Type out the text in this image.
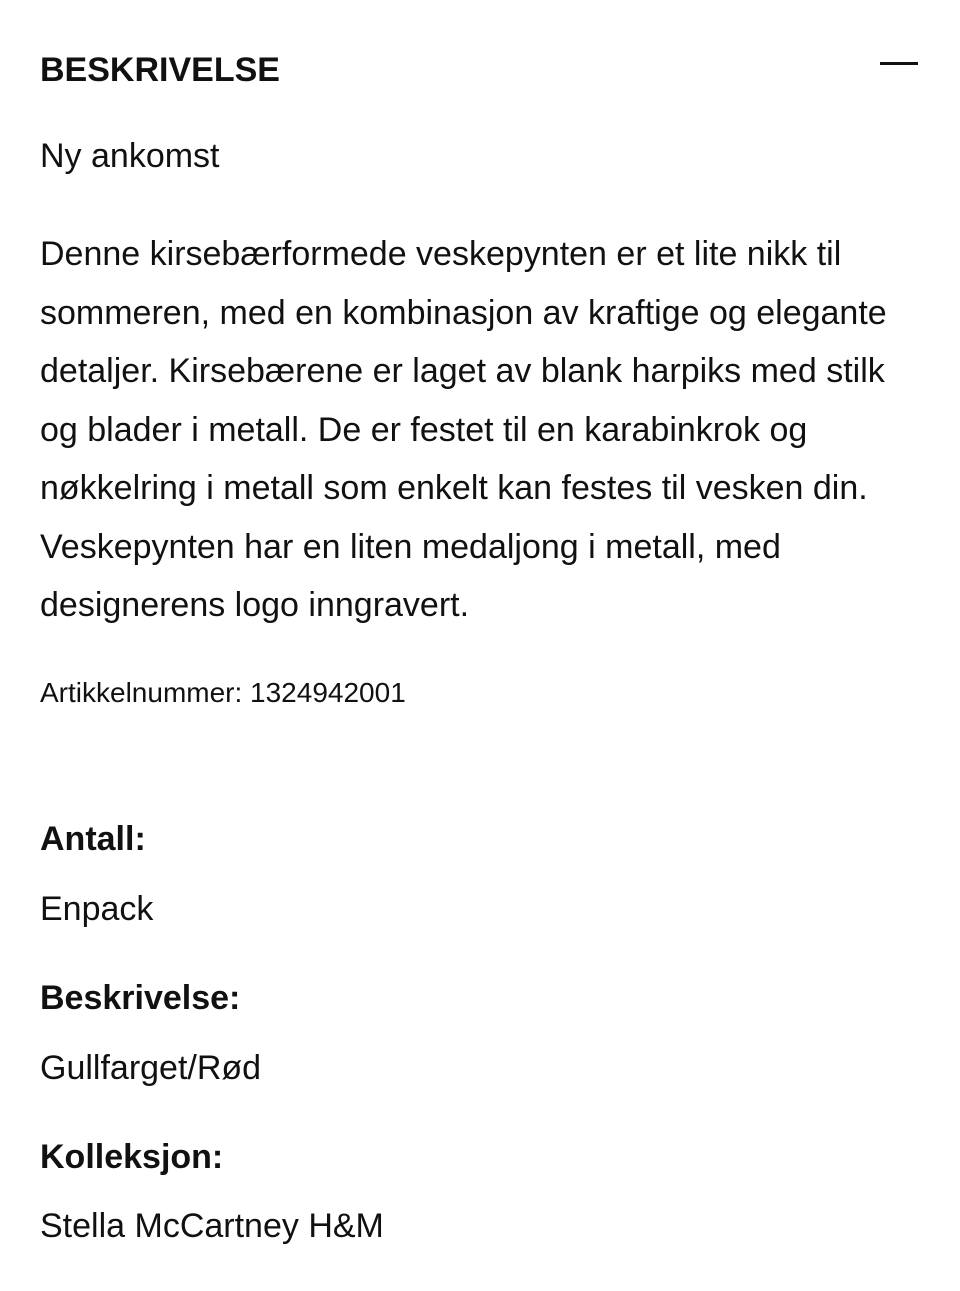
BESKRIVELSE
Ny ankomst

Denne kirsebærformede veskepynten er et lite nikk til sommeren, med en kombinasjon av kraftige og elegante detaljer. Kirsebærene er laget av blank harpiks med stilk og blader i metall. De er festet til en karabinkrok og nøkkelring i metall som enkelt kan festes til vesken din. Veskepynten har en liten medaljong i metall, med designerens logo inngravert.

Artikkelnummer: 1324942001
Antall:
Enpack
Beskrivelse:
Gullfarget/Rød
Kolleksjon:
Stella McCartney H&M
